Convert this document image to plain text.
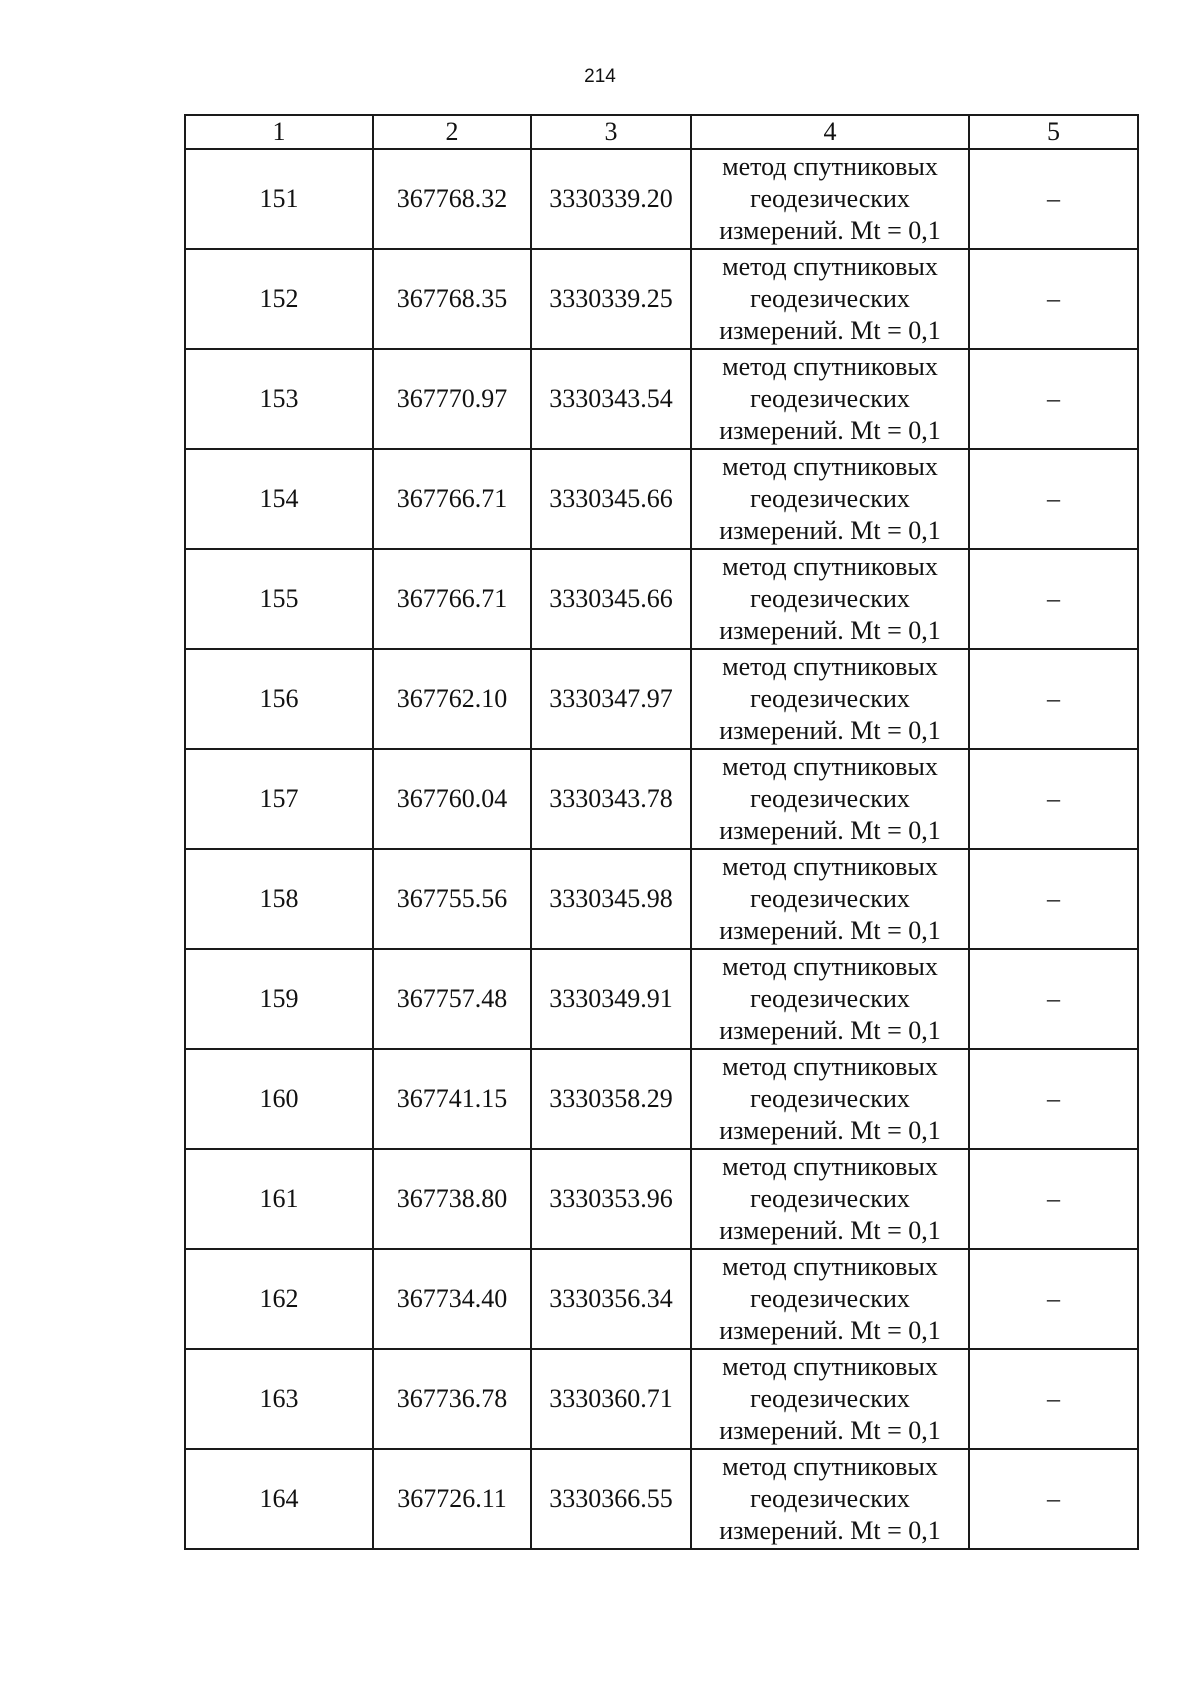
214
1	2	3	4	5
151	367768.32	3330339.20	метод спутниковых
геодезических
измерений. Mt = 0,1	–
152	367768.35	3330339.25	метод спутниковых
геодезических
измерений. Mt = 0,1	–
153	367770.97	3330343.54	метод спутниковых
геодезических
измерений. Mt = 0,1	–
154	367766.71	3330345.66	метод спутниковых
геодезических
измерений. Mt = 0,1	–
155	367766.71	3330345.66	метод спутниковых
геодезических
измерений. Mt = 0,1	–
156	367762.10	3330347.97	метод спутниковых
геодезических
измерений. Mt = 0,1	–
157	367760.04	3330343.78	метод спутниковых
геодезических
измерений. Mt = 0,1	–
158	367755.56	3330345.98	метод спутниковых
геодезических
измерений. Mt = 0,1	–
159	367757.48	3330349.91	метод спутниковых
геодезических
измерений. Mt = 0,1	–
160	367741.15	3330358.29	метод спутниковых
геодезических
измерений. Mt = 0,1	–
161	367738.80	3330353.96	метод спутниковых
геодезических
измерений. Mt = 0,1	–
162	367734.40	3330356.34	метод спутниковых
геодезических
измерений. Mt = 0,1	–
163	367736.78	3330360.71	метод спутниковых
геодезических
измерений. Mt = 0,1	–
164	367726.11	3330366.55	метод спутниковых
геодезических
измерений. Mt = 0,1	–
